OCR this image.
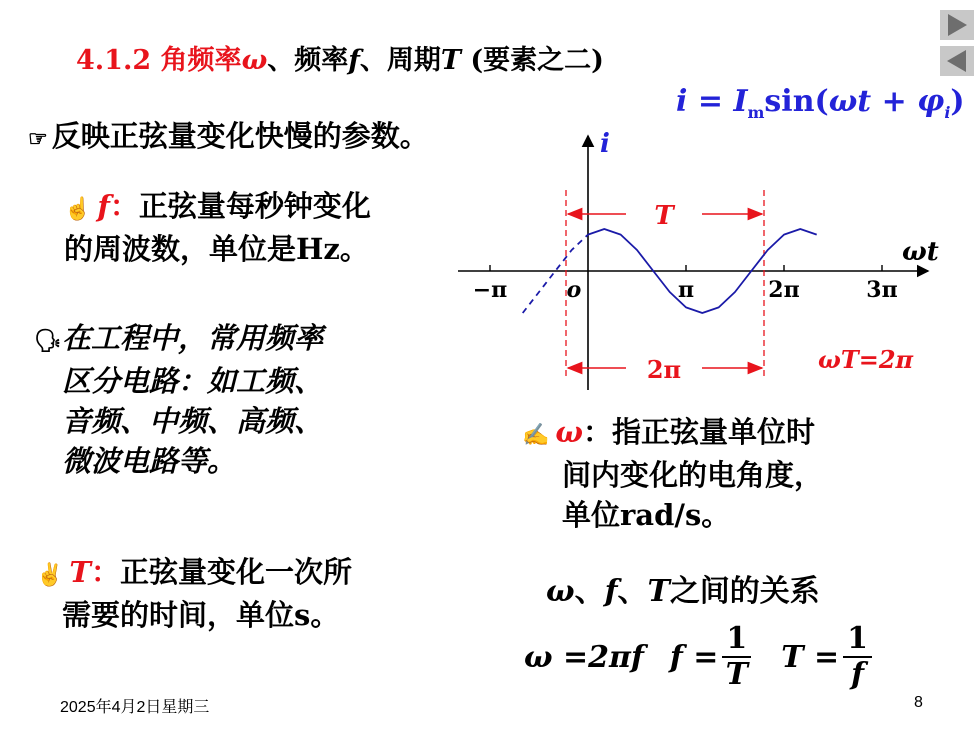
4.1.2 角频率ω、频率f、周期T (要素之二)
$i = I_m\sin(\omega t + \varphi_i)$
☞ 反映正弦量变化快慢的参数。
☝ f：正弦量每秒钟变化
的周波数，单位是Hz。
🗣在工程中，常用频率
区分电路：如工频、
音频、中频、高频、
微波电路等。
✌ T：正弦量变化一次所
需要的时间，单位s。
✍ ω：指正弦量单位时
间内变化的电角度，
单位rad/s。
ω、f、T之间的关系
ω =2πf $f = \frac{1}{T}$ $T = \frac{1}{f}$
−π	o	π	2π	3π
T
2π	ωT=2π
ωt
i
2025年4月2日星期三	8
